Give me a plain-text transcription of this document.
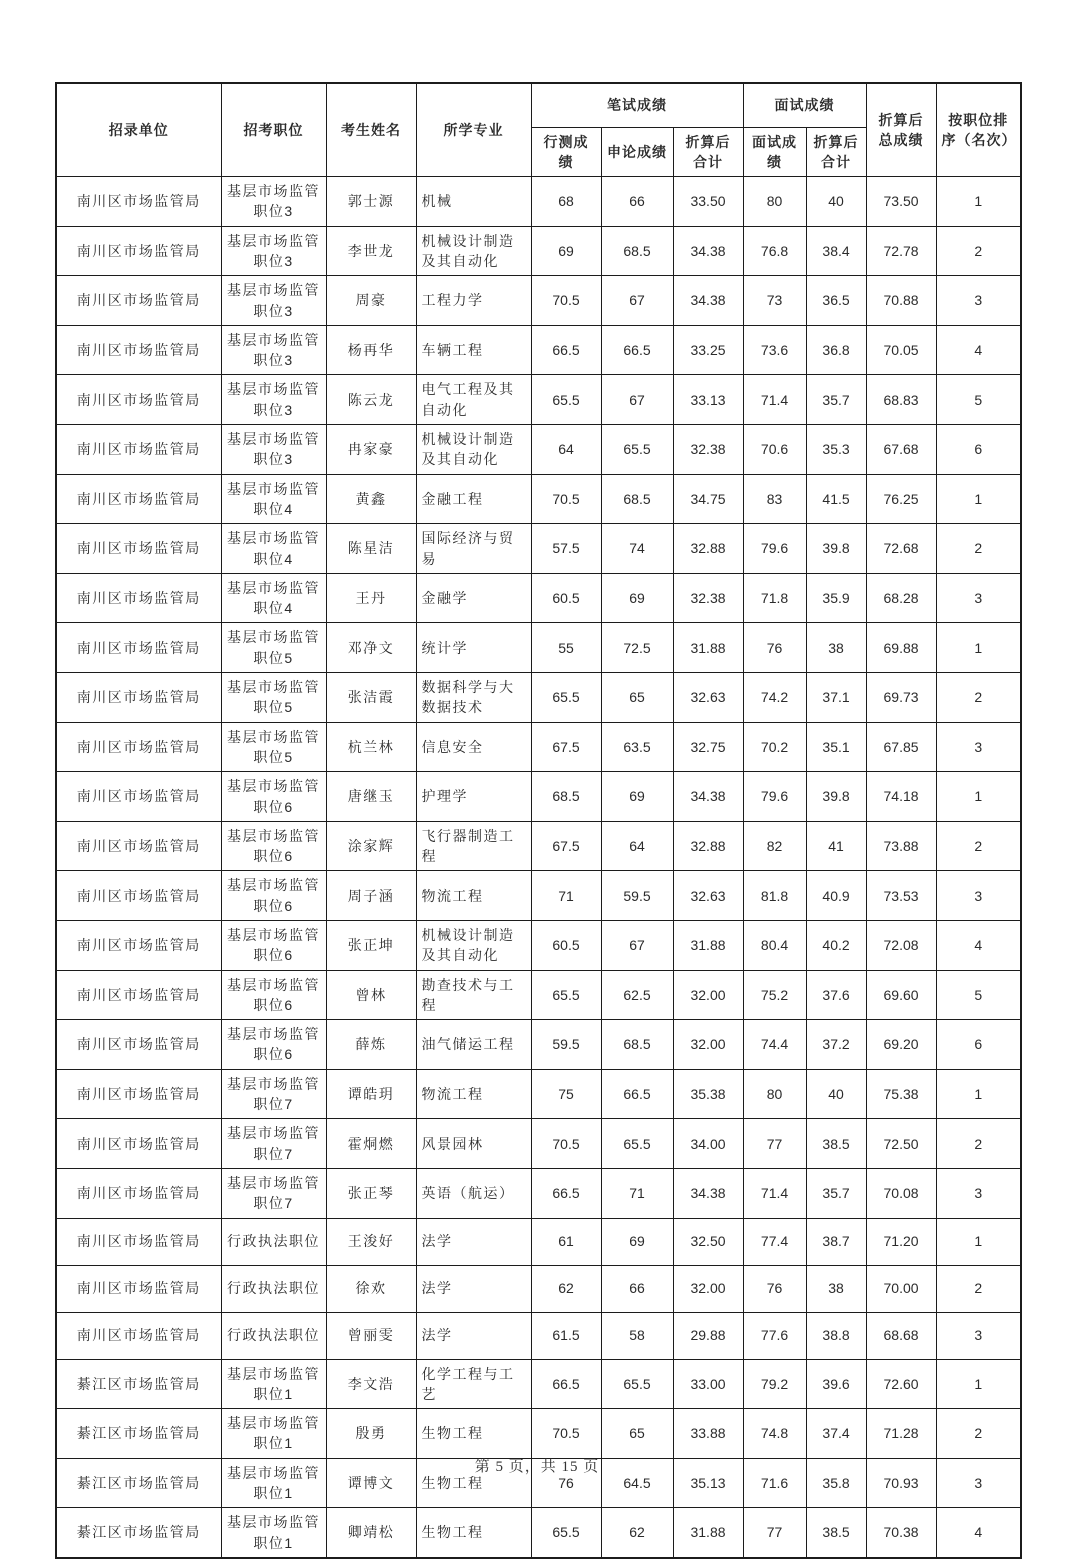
招录单位	招考职位	考生姓名	所学专业	笔试成绩			面试成绩		折算后总成绩	按职位排序（名次）
				行测成绩	申论成绩	折算后合计	面试成绩	折算后合计		
南川区市场监管局	基层市场监管职位3	郭士源	机械	68	66	33.50	80	40	73.50	1
南川区市场监管局	基层市场监管职位3	李世龙	机械设计制造及其自动化	69	68.5	34.38	76.8	38.4	72.78	2
南川区市场监管局	基层市场监管职位3	周豪	工程力学	70.5	67	34.38	73	36.5	70.88	3
南川区市场监管局	基层市场监管职位3	杨再华	车辆工程	66.5	66.5	33.25	73.6	36.8	70.05	4
南川区市场监管局	基层市场监管职位3	陈云龙	电气工程及其自动化	65.5	67	33.13	71.4	35.7	68.83	5
南川区市场监管局	基层市场监管职位3	冉家豪	机械设计制造及其自动化	64	65.5	32.38	70.6	35.3	67.68	6
南川区市场监管局	基层市场监管职位4	黄鑫	金融工程	70.5	68.5	34.75	83	41.5	76.25	1
南川区市场监管局	基层市场监管职位4	陈星洁	国际经济与贸易	57.5	74	32.88	79.6	39.8	72.68	2
南川区市场监管局	基层市场监管职位4	王丹	金融学	60.5	69	32.38	71.8	35.9	68.28	3
南川区市场监管局	基层市场监管职位5	邓净文	统计学	55	72.5	31.88	76	38	69.88	1
南川区市场监管局	基层市场监管职位5	张洁霞	数据科学与大数据技术	65.5	65	32.63	74.2	37.1	69.73	2
南川区市场监管局	基层市场监管职位5	杭兰林	信息安全	67.5	63.5	32.75	70.2	35.1	67.85	3
南川区市场监管局	基层市场监管职位6	唐继玉	护理学	68.5	69	34.38	79.6	39.8	74.18	1
南川区市场监管局	基层市场监管职位6	涂家辉	飞行器制造工程	67.5	64	32.88	82	41	73.88	2
南川区市场监管局	基层市场监管职位6	周子涵	物流工程	71	59.5	32.63	81.8	40.9	73.53	3
南川区市场监管局	基层市场监管职位6	张正坤	机械设计制造及其自动化	60.5	67	31.88	80.4	40.2	72.08	4
南川区市场监管局	基层市场监管职位6	曾林	勘查技术与工程	65.5	62.5	32.00	75.2	37.6	69.60	5
南川区市场监管局	基层市场监管职位6	薛炼	油气储运工程	59.5	68.5	32.00	74.4	37.2	69.20	6
南川区市场监管局	基层市场监管职位7	谭皓玥	物流工程	75	66.5	35.38	80	40	75.38	1
南川区市场监管局	基层市场监管职位7	霍烔燃	风景园林	70.5	65.5	34.00	77	38.5	72.50	2
南川区市场监管局	基层市场监管职位7	张正琴	英语（航运）	66.5	71	34.38	71.4	35.7	70.08	3
南川区市场监管局	行政执法职位	王浚好	法学	61	69	32.50	77.4	38.7	71.20	1
南川区市场监管局	行政执法职位	徐欢	法学	62	66	32.00	76	38	70.00	2
南川区市场监管局	行政执法职位	曾丽雯	法学	61.5	58	29.88	77.6	38.8	68.68	3
綦江区市场监管局	基层市场监管职位1	李文浩	化学工程与工艺	66.5	65.5	33.00	79.2	39.6	72.60	1
綦江区市场监管局	基层市场监管职位1	殷勇	生物工程	70.5	65	33.88	74.8	37.4	71.28	2
綦江区市场监管局	基层市场监管职位1	谭博文	生物工程	76	64.5	35.13	71.6	35.8	70.93	3
綦江区市场监管局	基层市场监管职位1	卿靖松	生物工程	65.5	62	31.88	77	38.5	70.38	4
第 5 页，共 15 页
